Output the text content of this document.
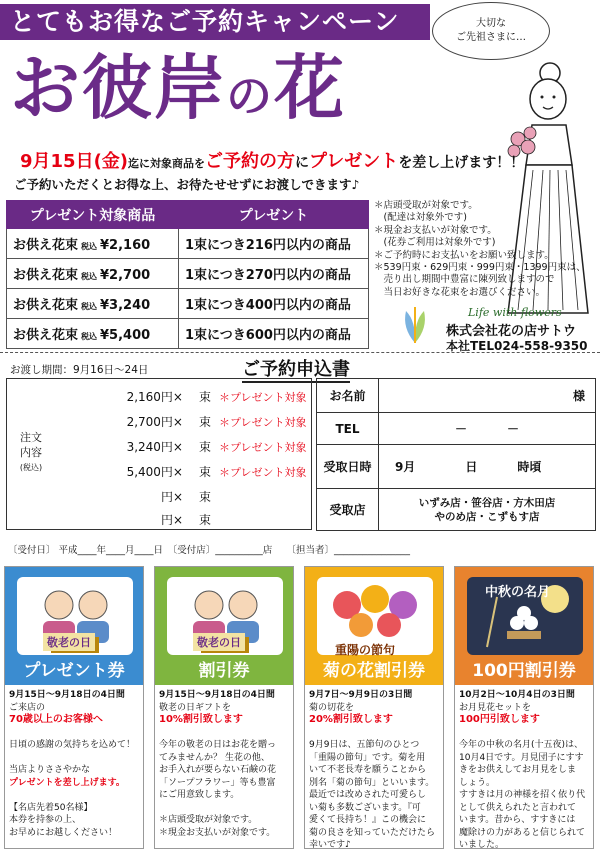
とてもお得なご予約キャンペーン	大切な
ご先祖さまに…
お彼岸の花
9月15日(金)迄に対象商品をご予約の方にプレゼントを差し上げます！！
ご予約いただくとお得な上、お待たせせずにお渡しできます♪
プレゼント対象商品	プレゼント
お供え花束 税込 ¥2,160	1束につき216円以内の商品
お供え花束 税込 ¥2,700	1束につき270円以内の商品
お供え花束 税込 ¥3,240	1束につき400円以内の商品
お供え花束 税込 ¥5,400	1束につき600円以内の商品
＊店頭受取が対象です。
　(配達は対象外です)
＊現金お支払いが対象です。
　(花券ご利用は対象外です)
＊ご予約時にお支払いをお願い致します。
＊539円束・629円束・999円束・1399円束は、
　売り出し期間中豊富に陳列致しますので
　当日お好きな花束をお選びください。
Life with flowers
株式会社花の店サトウ
本社TEL024-558-9350
お渡し期間：9月16日～24日	ご予約申込書
注文
内容
(税込)
2,160円× 束 ＊プレゼント対象
2,700円× 束 ＊プレゼント対象
3,240円× 束 ＊プレゼント対象
5,400円× 束 ＊プレゼント対象
円× 束
円× 束
お名前	様
TEL	－ －
受取日時	9月 日 時頃
受取店	いずみ店・笹谷店・方木田店
やのめ店・こずもす店
〔受付日〕 平成____年____月____日　〔受付店〕__________店　　〔担当者〕________________
敬老の日
プレゼント券
9月15日～9月18日の4日間
ご来店の
70歳以上のお客様へ

日頃の感謝の気持ちを込めて！

当店よりささやかな
プレゼントを差し上げます。

【名店先着50名様】
本券を持参の上、
お早めにお越しください！
敬老の日
割引券
9月15日～9月18日の4日間
敬老の日ギフトを
10%割引致します

今年の敬老の日はお花を贈っ
てみませんか？ 生花の他、
お手入れが要らない石鹸の花
「ソープフラワー」等も豊富
にご用意致します。

＊店頭受取が対象です。
＊現金お支払いが対象です。
重陽の節句
菊の花割引券
9月7日～9月9日の3日間
菊の切花を
20%割引致します

9月9日は、五節句のひとつ
「重陽の節句」です。菊を用
いて不老長寿を願うことから
別名「菊の節句」といいます。
最近では改めされた可愛らし
い菊も多数ございます。『可
愛くて長持ち！』この機会に
菊の良さを知っていただけたら
幸いです♪
中秋の名月
100円割引券
10月2日～10月4日の3日間
お月見花セットを
100円引致します

今年の中秋の名月(十五夜)は、
10月4日です。月見団子にすす
きをお供えしてお月見をしま
しょう。
すすきは月の神様を招く依り代
として供えられたと言われて
います。昔から、すすきには
魔除けの力があると信じられて
いました。
